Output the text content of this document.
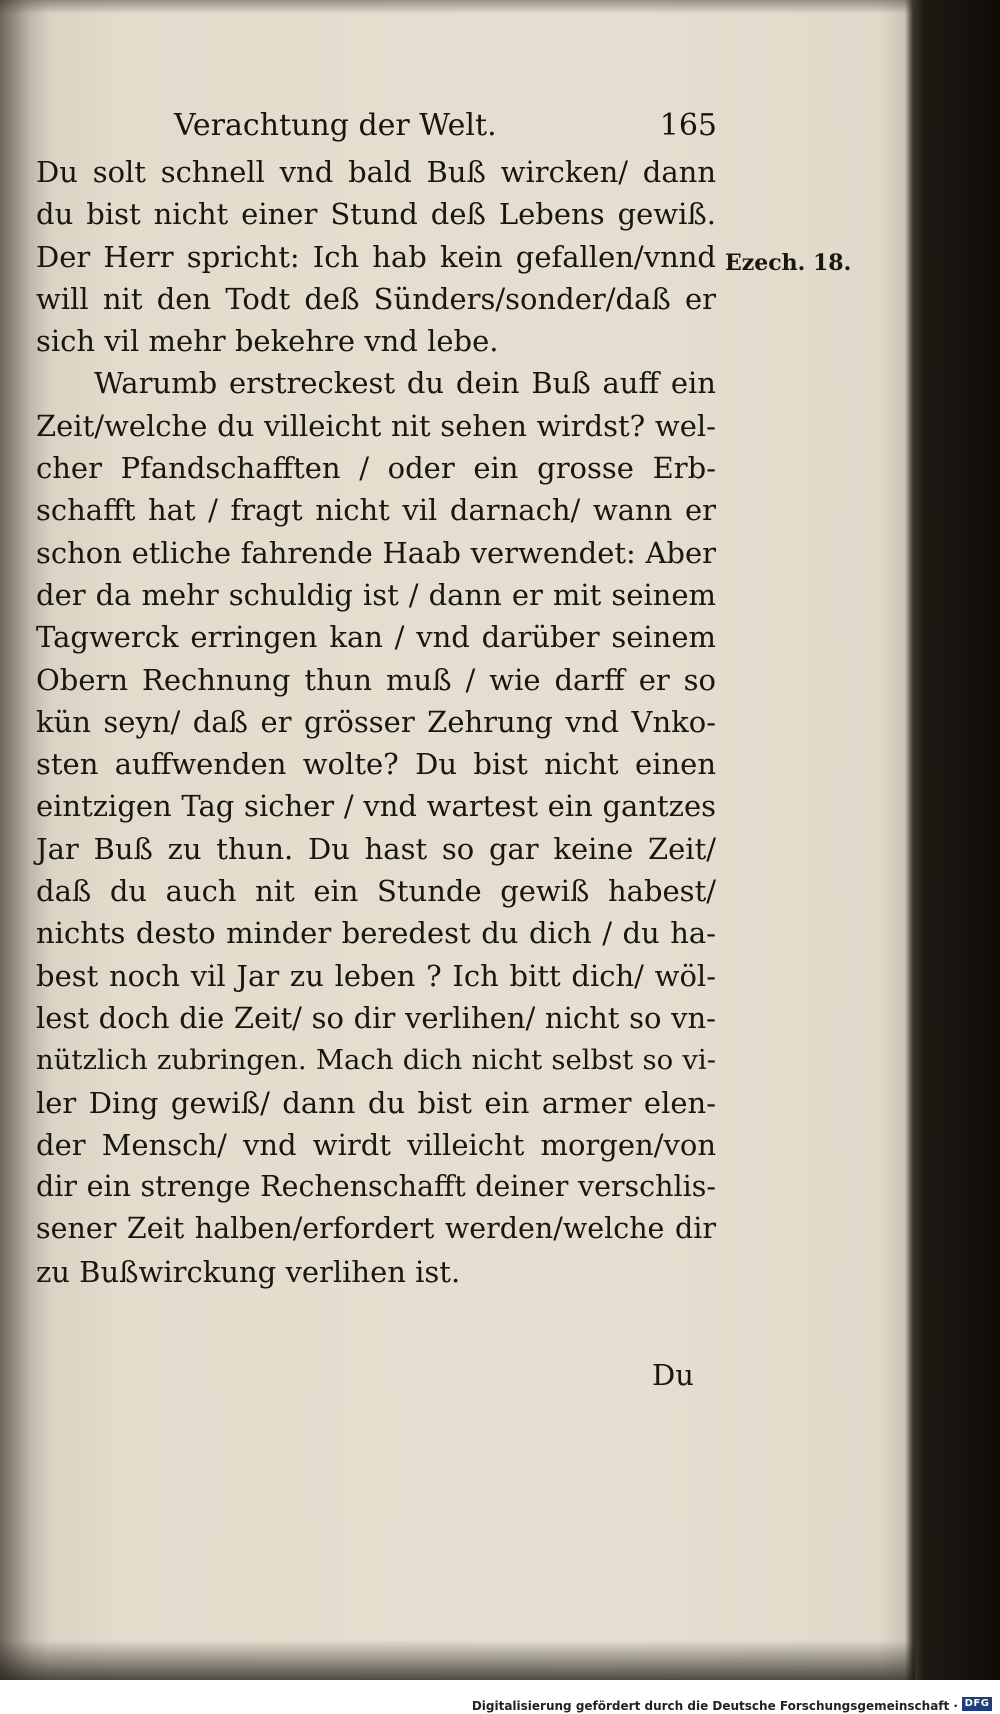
Verachtung der Welt.	165
Ezech. 18.
Du solt schnell vnd bald Buß wircken/ dann
du bist nicht einer Stund deß Lebens gewiß.
Der Herr spricht: Ich hab kein gefallen/vnnd
will nit den Todt deß Sünders/sonder/daß er
sich vil mehr bekehre vnd lebe.
Warumb erstreckest du dein Buß auff ein
Zeit/welche du villeicht nit sehen wirdst? wel-
cher Pfandschafften / oder ein grosse Erb-
schafft hat / fragt nicht vil darnach/ wann er
schon etliche fahrende Haab verwendet: Aber
der da mehr schuldig ist / dann er mit seinem
Tagwerck erringen kan / vnd darüber seinem
Obern Rechnung thun muß / wie darff er so
kün seyn/ daß er grösser Zehrung vnd Vnko-
sten auffwenden wolte? Du bist nicht einen
eintzigen Tag sicher / vnd wartest ein gantzes
Jar Buß zu thun. Du hast so gar keine Zeit/
daß du auch nit ein Stunde gewiß habest/
nichts desto minder beredest du dich / du ha-
best noch vil Jar zu leben ? Ich bitt dich/ wöl-
lest doch die Zeit/ so dir verlihen/ nicht so vn-
nützlich zubringen. Mach dich nicht selbst so vi-
ler Ding gewiß/ dann du bist ein armer elen-
der Mensch/ vnd wirdt villeicht morgen/von
dir ein strenge Rechenschafft deiner verschlis-
sener Zeit halben/erfordert werden/welche dir
zu Bußwirckung verlihen ist.
Du
Digitalisierung gefördert durch die Deutsche Forschungsgemeinschaft · DFG
